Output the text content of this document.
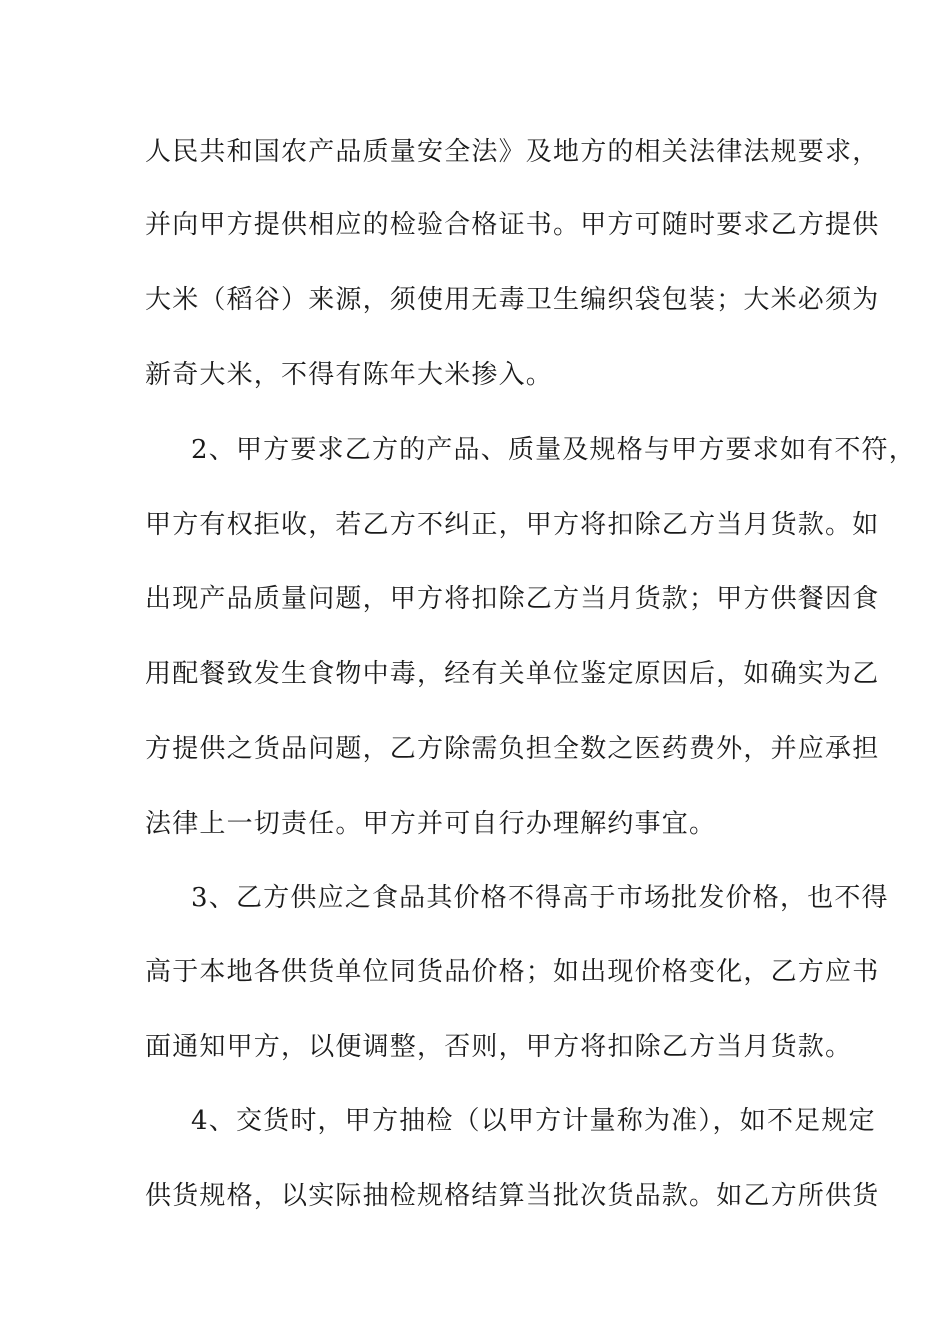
人民共和国农产品质量安全法》及地方的相关法律法规要求，
并向甲方提供相应的检验合格证书。甲方可随时要求乙方提供
大米（稻谷）来源，须使用无毒卫生编织袋包装；大米必须为
新奇大米，不得有陈年大米掺入。
2、甲方要求乙方的产品、质量及规格与甲方要求如有不符，
甲方有权拒收，若乙方不纠正，甲方将扣除乙方当月货款。如
出现产品质量问题，甲方将扣除乙方当月货款；甲方供餐因食
用配餐致发生食物中毒，经有关单位鉴定原因后，如确实为乙
方提供之货品问题，乙方除需负担全数之医药费外，并应承担
法律上一切责任。甲方并可自行办理解约事宜。
3、乙方供应之食品其价格不得高于市场批发价格，也不得
高于本地各供货单位同货品价格；如出现价格变化，乙方应书
面通知甲方，以便调整，否则，甲方将扣除乙方当月货款。
4、交货时，甲方抽检（以甲方计量称为准），如不足规定
供货规格，以实际抽检规格结算当批次货品款。如乙方所供货
